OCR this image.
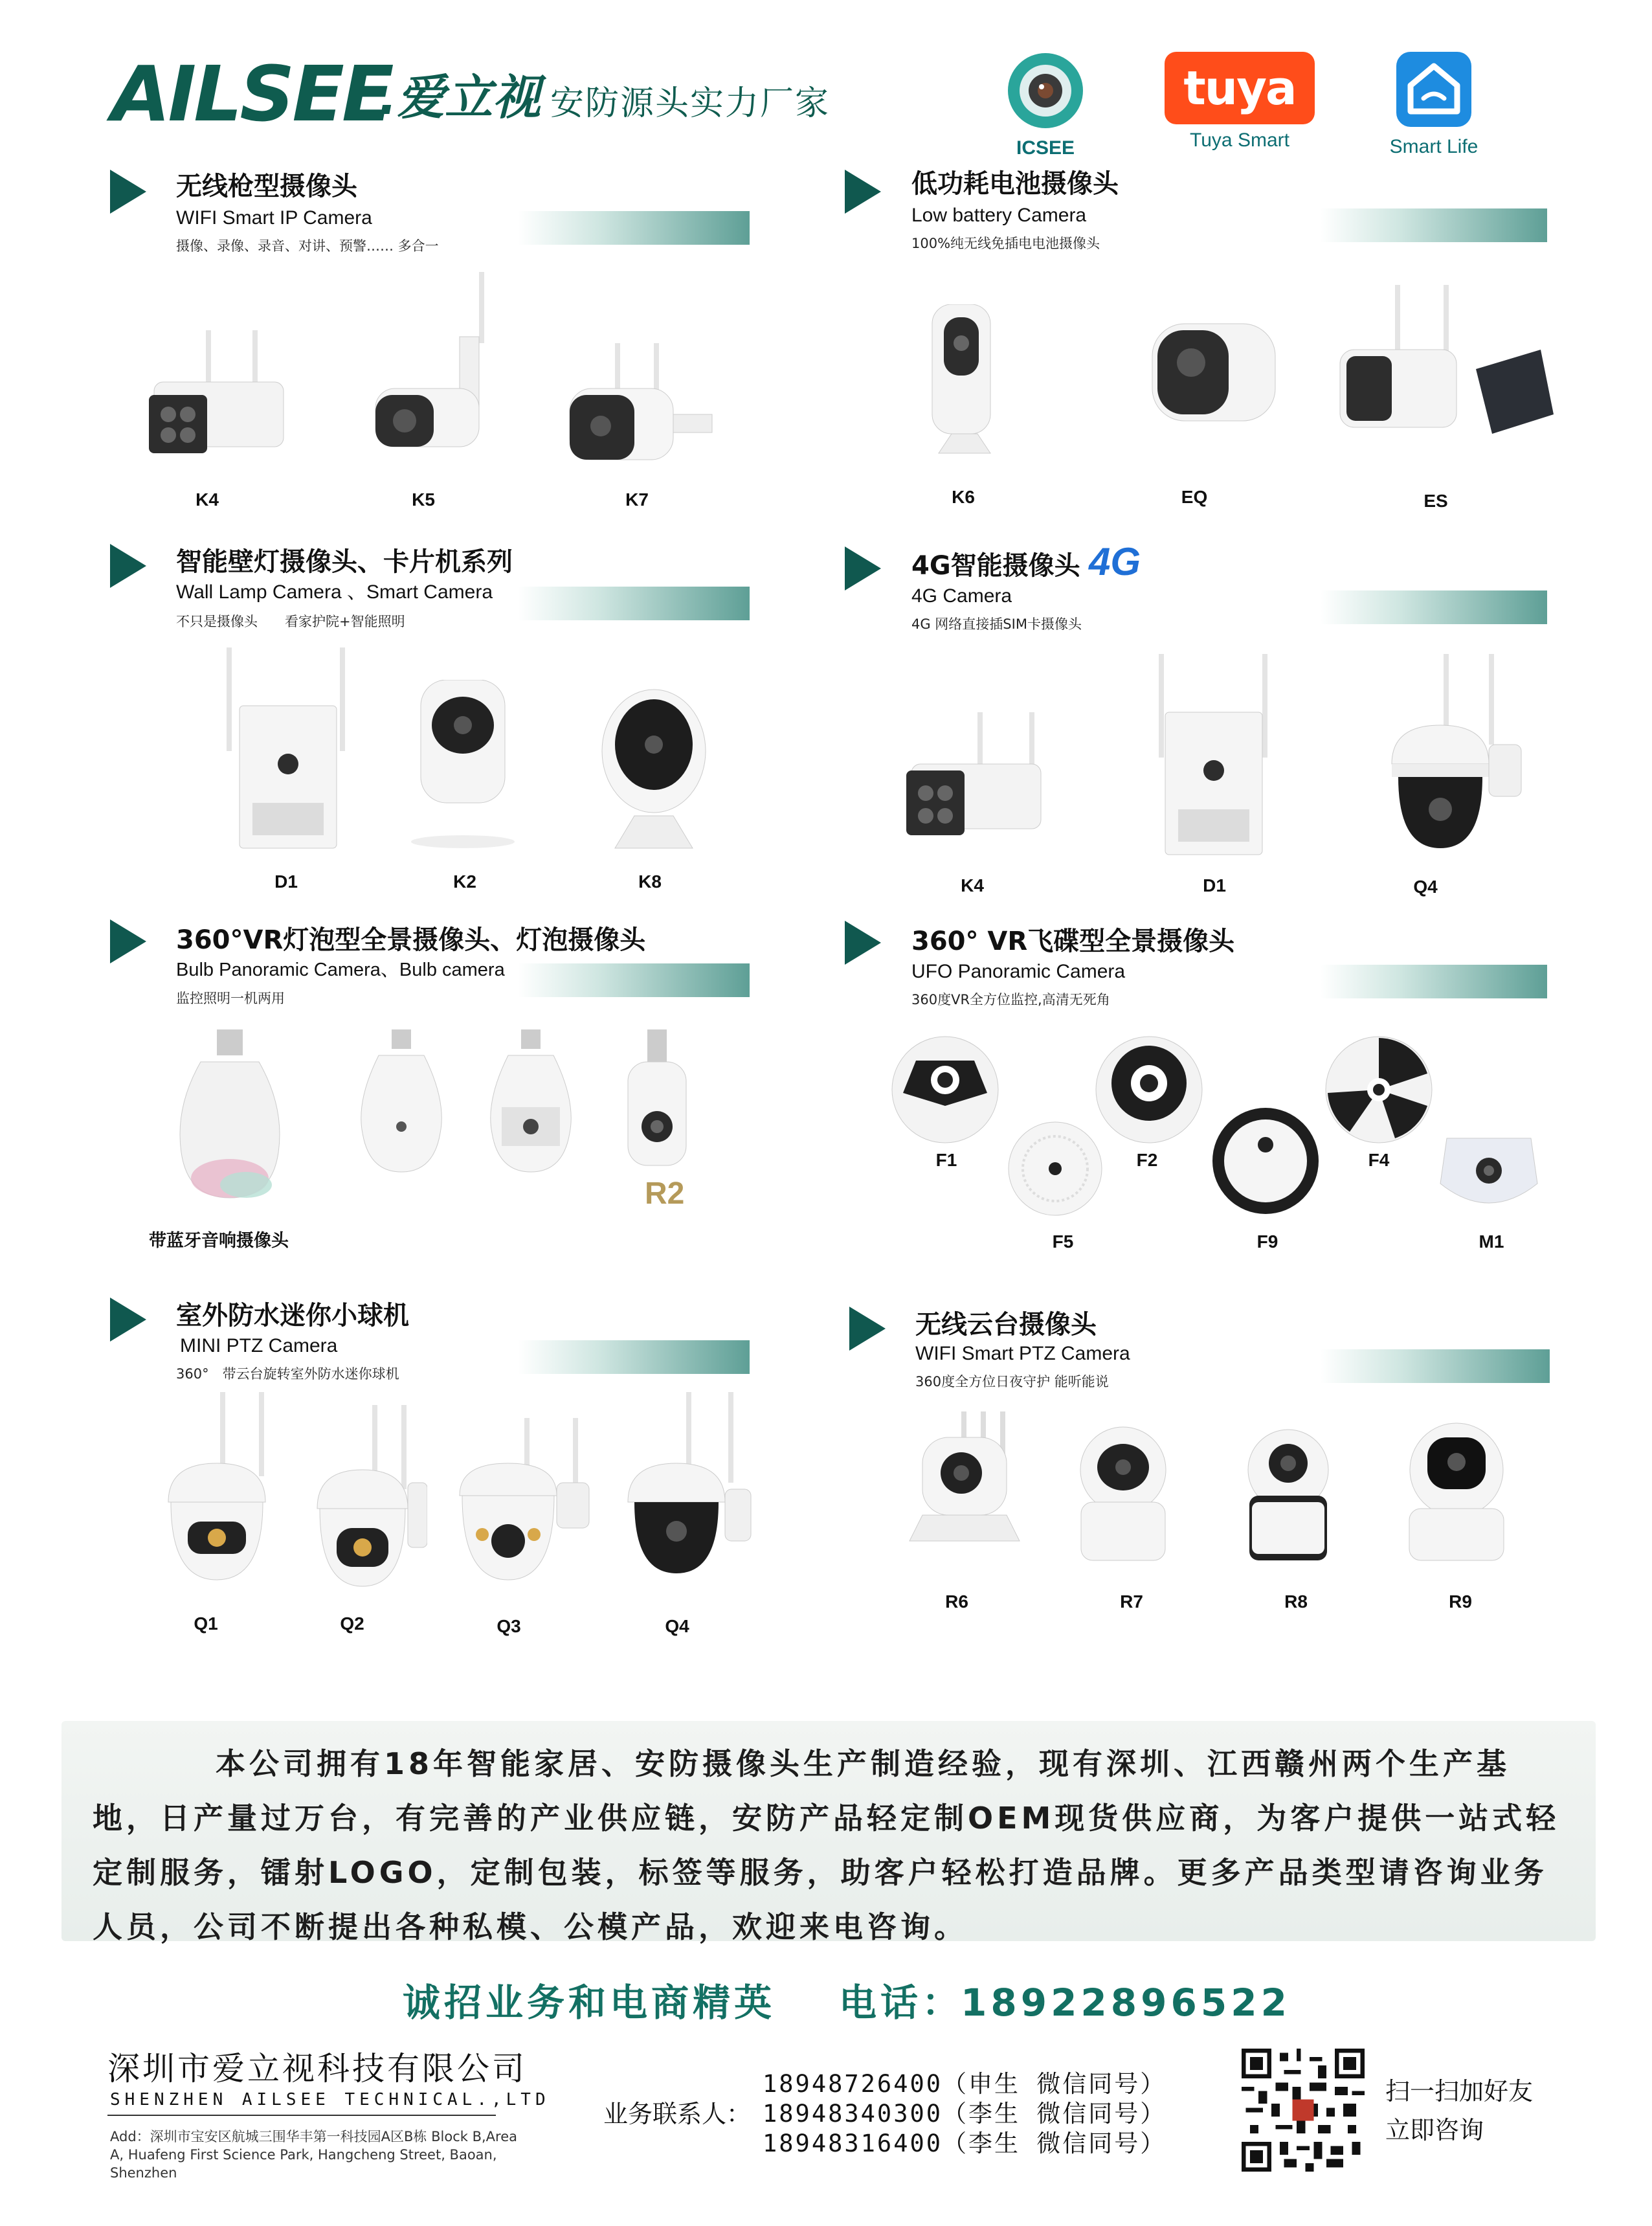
AILSEE
.爱立视 安防源头实力厂家
ICSEE
tuya
Tuya Smart	Smart Life
无线枪型摄像头
WIFI Smart IP Camera
摄像、录像、录音、对讲、预警…… 多合一
低功耗电池摄像头
Low battery Camera
100%纯无线免插电电池摄像头
智能壁灯摄像头、卡片机系列
Wall Lamp Camera 、Smart Camera
不只是摄像头　　看家护院+智能照明
4G智能摄像头 4G
4G Camera
4G 网络直接插SIM卡摄像头
360°VR灯泡型全景摄像头、灯泡摄像头
Bulb Panoramic Camera、Bulb camera
监控照明一机两用
360° VR飞碟型全景摄像头
UFO Panoramic Camera
360度VR全方位监控,高清无死角
室外防水迷你小球机
MINI PTZ Camera
360°　带云台旋转室外防水迷你球机
无线云台摄像头
WIFI Smart PTZ Camera
360度全方位日夜守护 能听能说
K4	K5	K7	K6	EQ	ES
D1	K2	K8	K4	D1	Q4
R2
带蓝牙音响摄像头
F1	F2	F4
F5	F9	M1
Q1	Q2	Q3	Q4
R6	R7	R8	R9

本公司拥有18年智能家居、安防摄像头生产制造经验，现有深圳、江西赣州两个生产基地，日产量过万台，有完善的产业供应链，安防产品轻定制OEM现货供应商，为客户提供一站式轻定制服务，镭射LOGO，定制包装，标签等服务，助客户轻松打造品牌。更多产品类型请咨询业务人员，公司不断提出各种私模、公模产品，欢迎来电咨询。

诚招业务和电商精英 电话：
18922896522
深圳市爱立视科技有限公司
SHENZHEN AILSEE TECHNICAL.,LTD
Add：深圳市宝安区航城三围华丰第一科技园A区B栋 Block B,Area A, Huafeng First Science Park, Hangcheng Street, Baoan, Shenzhen
业务联系人：
18948726400（申生 微信同号）
18948340300（李生 微信同号）
18948316400（李生 微信同号）
扫一扫加好友
立即咨询
